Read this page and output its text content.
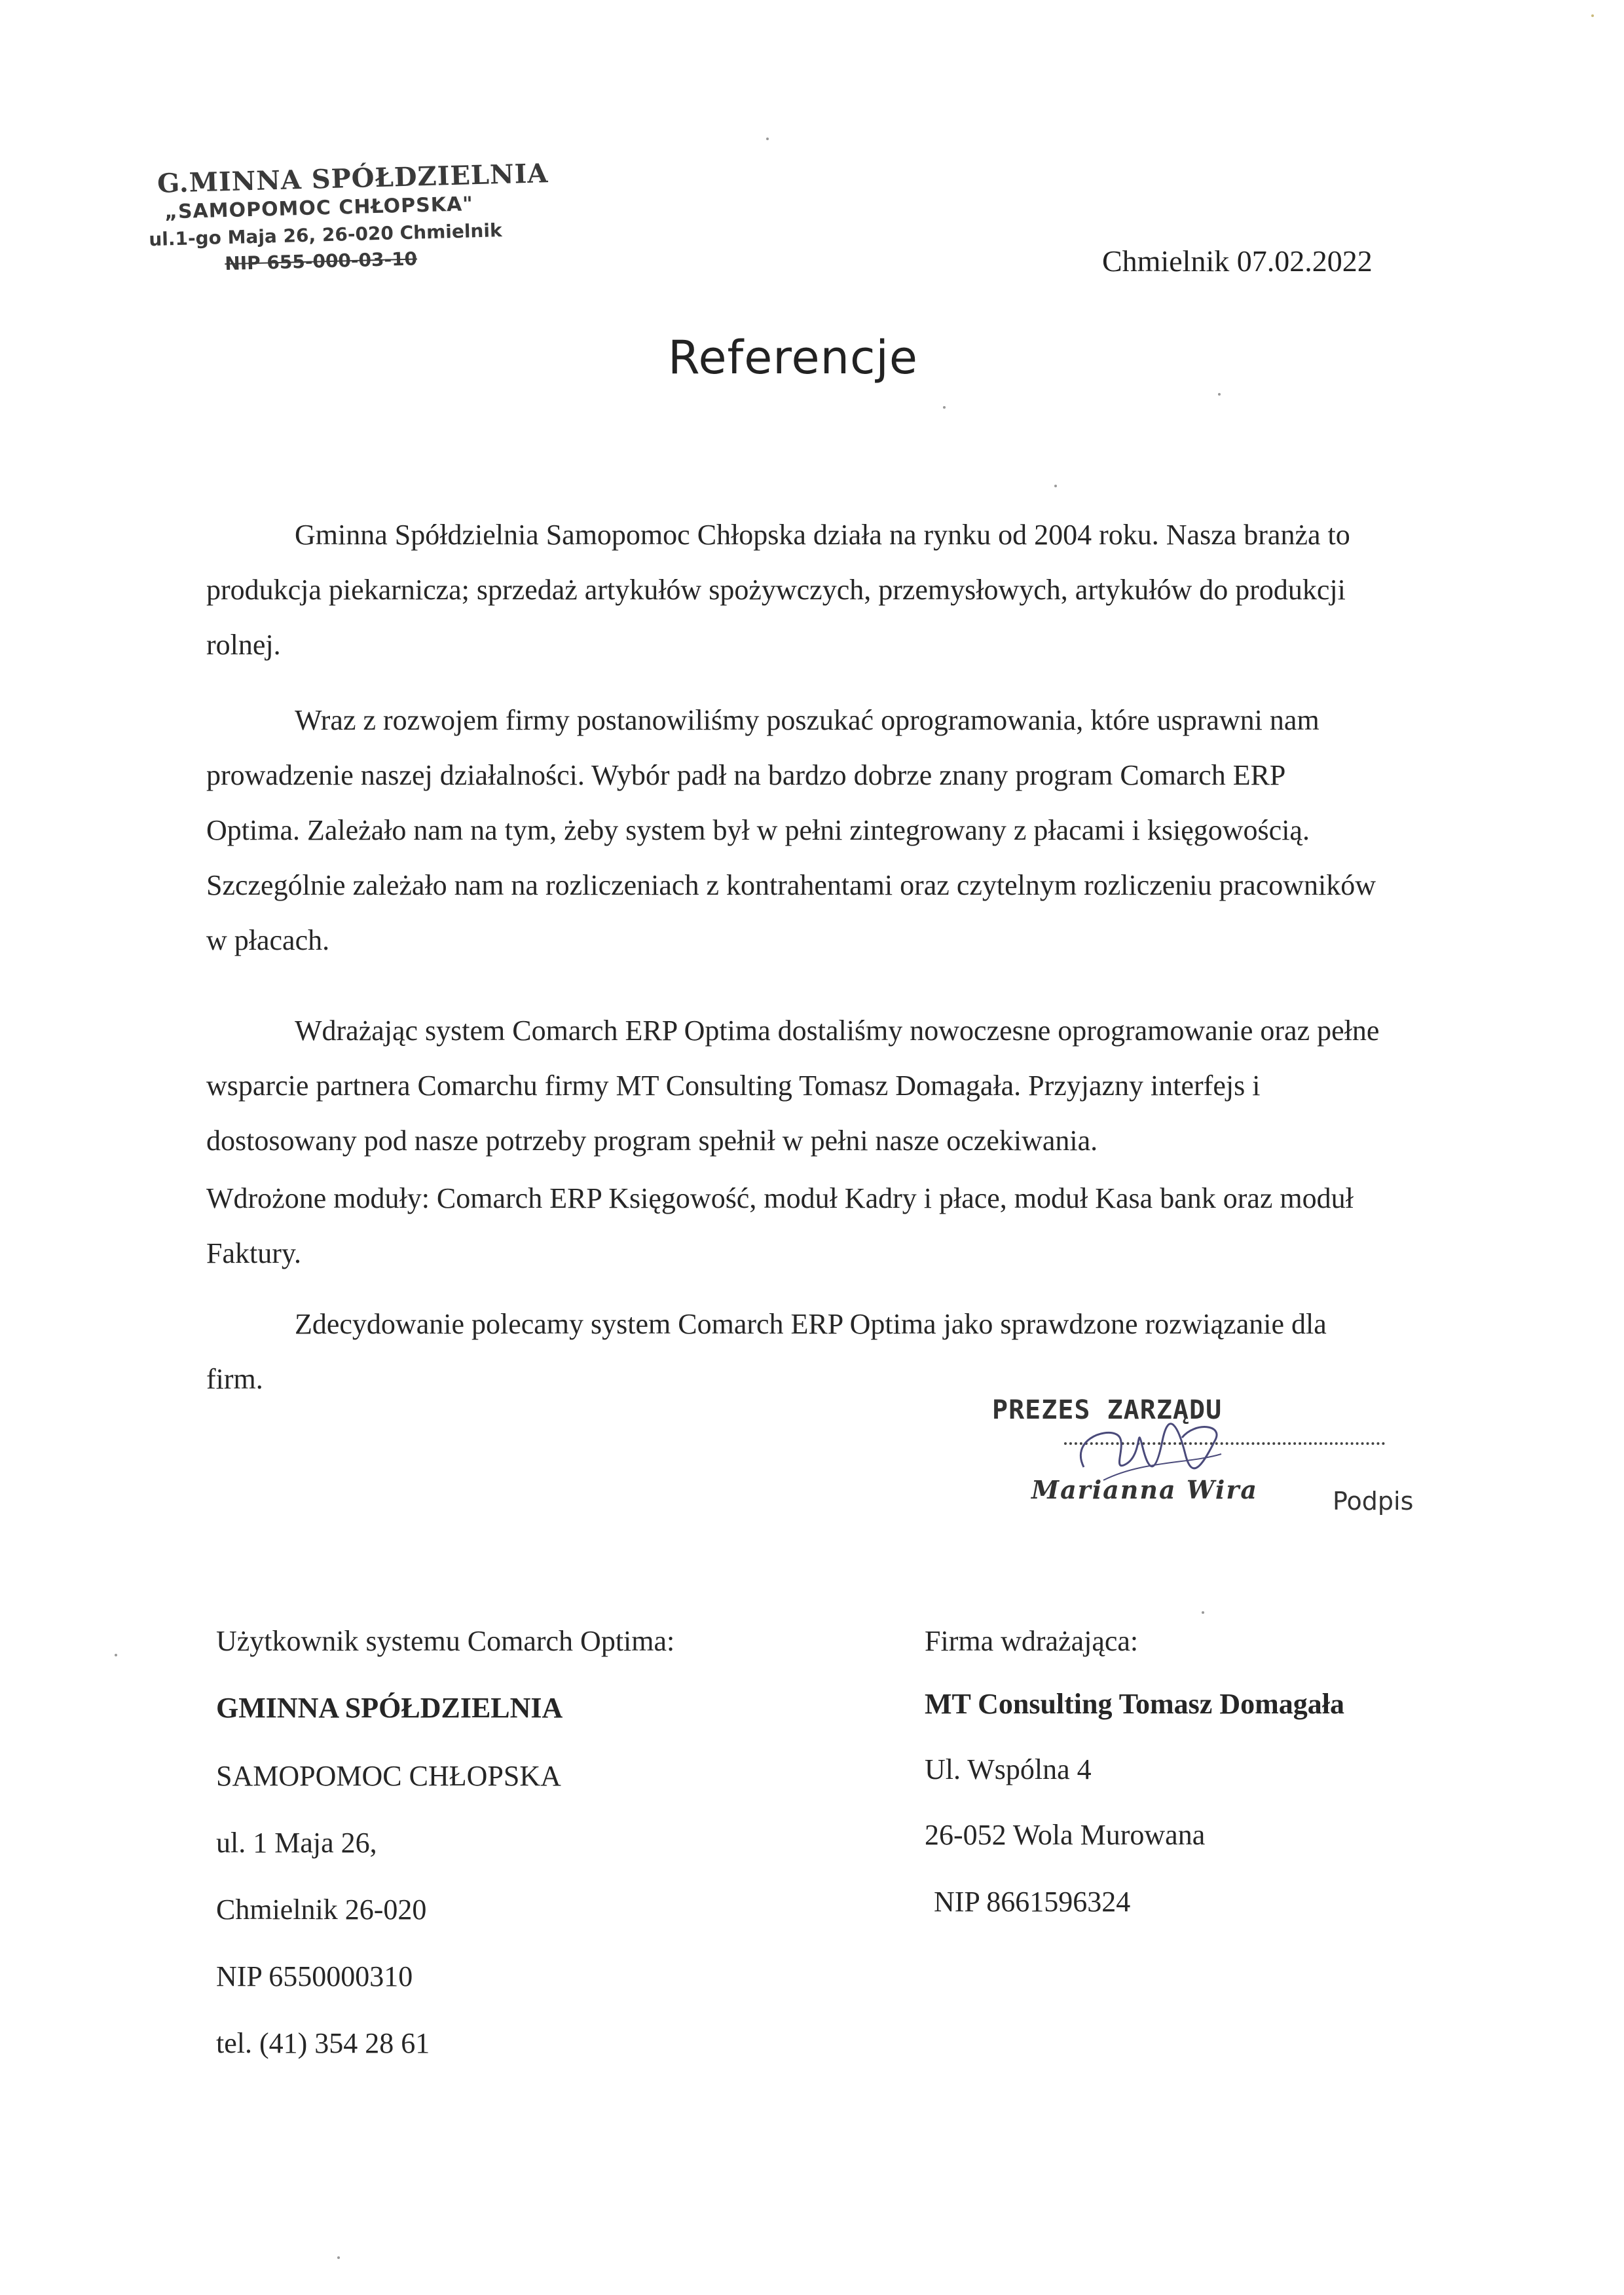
G.MINNA SPÓŁDZIELNIA
„SAMOPOMOC CHŁOPSKA"
ul.1-go Maja 26, 26-020 Chmielnik
NIP 655-000-03-10	Chmielnik 07.02.2022
Referencje

Gminna Spółdzielnia Samopomoc Chłopska działa na rynku od 2004 roku. Nasza branża to produkcja piekarnicza; sprzedaż artykułów spożywczych, przemysłowych, artykułów do produkcji rolnej.

Wraz z rozwojem firmy postanowiliśmy poszukać oprogramowania, które usprawni nam prowadzenie naszej działalności. Wybór padł na bardzo dobrze znany program Comarch ERP Optima. Zależało nam na tym, żeby system był w pełni zintegrowany z płacami i księgowością. Szczególnie zależało nam na rozliczeniach z kontrahentami oraz czytelnym rozliczeniu pracowników w płacach.

Wdrażając system Comarch ERP Optima dostaliśmy nowoczesne oprogramowanie oraz pełne wsparcie partnera Comarchu firmy MT Consulting Tomasz Domagała. Przyjazny interfejs i dostosowany pod nasze potrzeby program spełnił w pełni nasze oczekiwania.

Wdrożone moduły: Comarch ERP Księgowość, moduł Kadry i płace, moduł Kasa bank oraz moduł Faktury.

Zdecydowanie polecamy system Comarch ERP Optima jako sprawdzone rozwiązanie dla firm.

PREZES ZARZĄDU
Marianna Wira	Podpis
Użytkownik systemu Comarch Optima:
GMINNA SPÓŁDZIELNIA
SAMOPOMOC CHŁOPSKA
ul. 1 Maja 26,
Chmielnik 26-020
NIP 6550000310
tel. (41) 354 28 61
Firma wdrażająca:
MT Consulting Tomasz Domagała
Ul. Wspólna 4
26-052 Wola Murowana
NIP 8661596324
